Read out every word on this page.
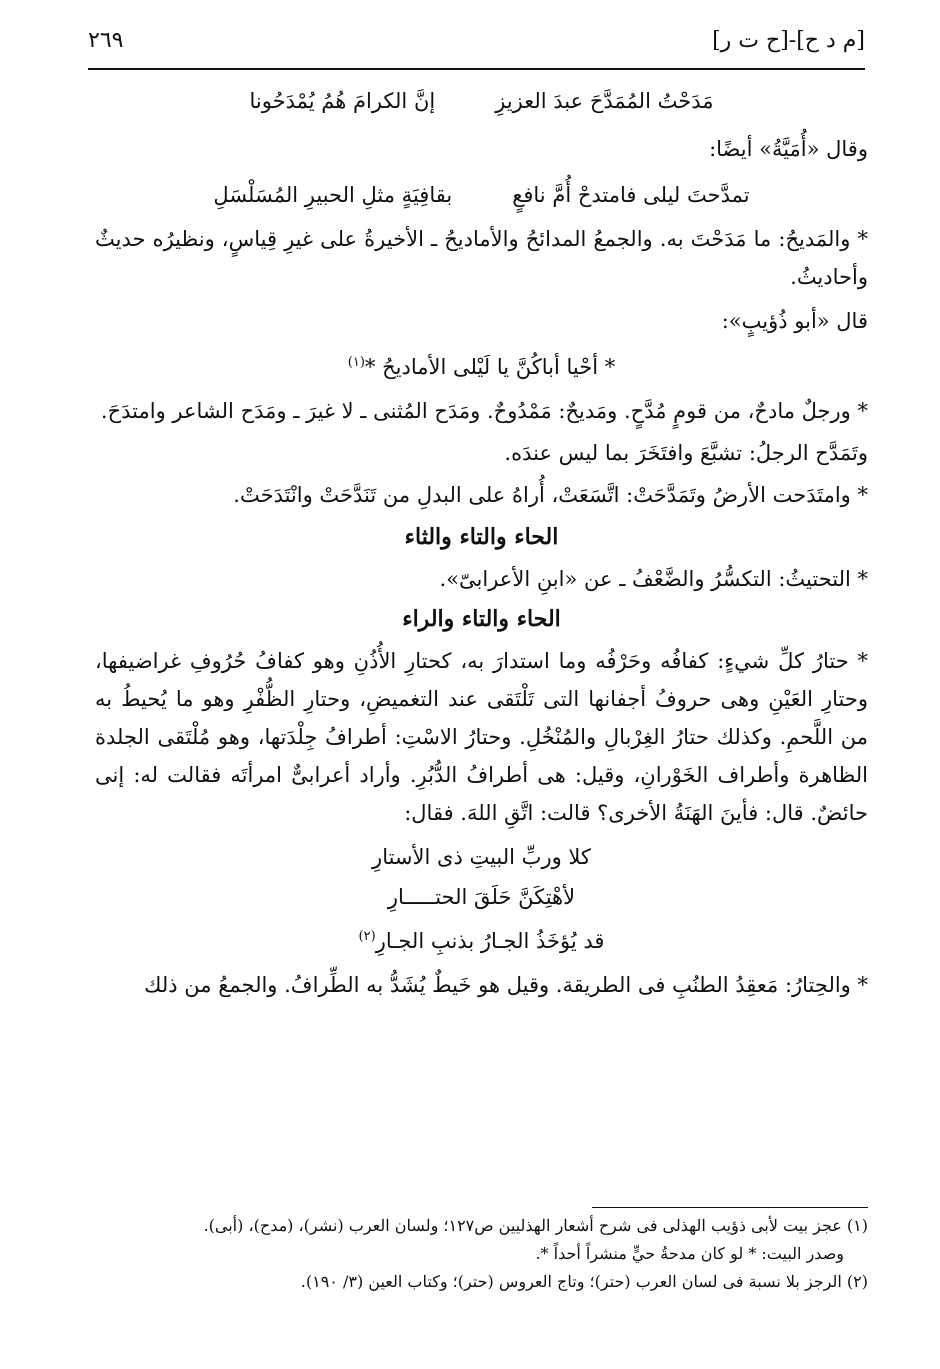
[م د ح]-[ح ت ر]
٢٦٩
مَدَحْتُ المُمَدَّحَ عبدَ العزيزِ
إنَّ الكرامَ هُمُ يُمْدَحُونا

وقال «أُمَيَّةُ» أيضًا:

تمدَّحتَ ليلى فامتدحْ أُمَّ نافعٍ
بقافِيَةٍ مثلِ الحبيرِ المُسَلْسَلِ

* والمَديحُ: ما مَدَحْتَ به. والجمعُ المدائحُ والأماديحُ ـ الأخيرةُ على غيرِ قِياسٍ، ونظيرُه حديثٌ وأحاديثُ.

قال «أبو ذُؤيبٍ»:

* أحْيا أباكُنَّ يا لَيْلى الأماديحُ *$^{(١)}$

* ورجلٌ مادحٌ، من قومٍ مُدَّحٍ. ومَديحٌ: مَمْدُوحٌ. ومَدَح المُثنى ـ لا غيرَ ـ ومَدَح الشاعر وامتدَحَ.

وتَمَدَّح الرجلُ: تشبَّعَ وافتَخَرَ بما ليس عندَه.

* وامتَدَحت الأرضُ وتَمَدَّحَتْ: اتَّسَعَتْ، أُراهُ على البدلِ من تَنَدَّحَتْ وانْتَدَحَتْ.

الحاء والتاء والثاء

* التحتيثُ: التكسُّرُ والضَّعْفُ ـ عن «ابنِ الأعرابىّ».

الحاء والتاء والراء

* حتارُ كلِّ شيءٍ: كفافُه وحَرْفُه وما استدارَ به، كحتارِ الأُذُنِ وهو كفافُ حُرُوفِ غراضيفها، وحتارِ العَيْنِ وهى حروفُ أجفانها التى تَلْتَقى عند التغميضِ، وحتارِ الظُّفْرِ وهو ما يُحيطُ به من اللَّحمِ. وكذلك حتارُ الغِرْبالِ والمُنْخُلِ. وحتارُ الاسْتِ: أطرافُ جِلْدَتها، وهو مُلْتَقى الجلدة الظاهرة وأطراف الخَوْرانِ، وقيل: هى أطرافُ الدُّبُرِ. وأراد أعرابىٌّ امرأتَه فقالت له: إنى حائضٌ. قال: فأينَ الهَنَةُ الأخرى؟ قالت: اتَّقِ اللهَ. فقال:

كلا وربِّ البيتِ ذى الأستارِ

لأهْتِكَنَّ حَلَقَ الحتـــــارِ

قد يُؤخَذُ الجـارُ بذنبِ الجـارِ$^{(٢)}$

* والحِتارُ: مَعقِدُ الطنُبِ فى الطريقة. وقيل هو خَيطٌ يُشَدُّ به الطِّرافُ. والجمعُ من ذلك

(١) عجز بيت لأبى ذؤيب الهذلى فى شرح أشعار الهذليين ص١٢٧؛ ولسان العرب (نشر)، (مدح)، (أبى).
وصدر البيت: * لو كان مدحةُ حيٍّ منشراً أحداً *.
(٢) الرجز بلا نسبة فى لسان العرب (حتر)؛ وتاج العروس (حتر)؛ وكتاب العين (٣/ ١٩٠).
